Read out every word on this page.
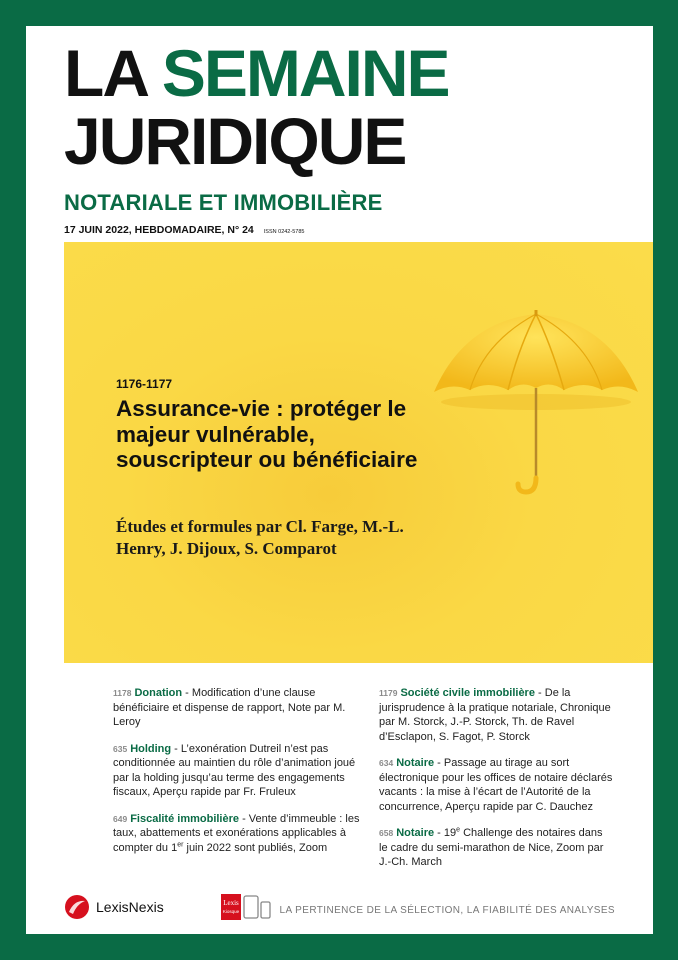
LA SEMAINE
JURIDIQUE
NOTARIALE ET IMMOBILIÈRE
17 JUIN 2022, HEBDOMADAIRE, N° 24 ISSN 0242-5785
1176-1177
Assurance-vie : protéger le majeur vulnérable, souscripteur ou bénéficiaire
Études et formules par Cl. Farge, M.-L. Henry, J. Dijoux, S. Comparot
1178 Donation - Modification d’une clause bénéficiaire et dispense de rapport, Note par M. Leroy
635 Holding - L’exonération Dutreil n’est pas conditionnée au maintien du rôle d’animation joué par la holding jusqu’au terme des engagements fiscaux, Aperçu rapide par Fr. Fruleux
649 Fiscalité immobilière - Vente d’immeuble : les taux, abattements et exonérations applicables à compter du 1er juin 2022 sont publiés, Zoom
1179 Société civile immobilière - De la jurisprudence à la pratique notariale, Chronique par M. Storck, J.-P. Storck, Th. de Ravel d’Esclapon, S. Fagot, P. Storck
634 Notaire - Passage au tirage au sort électronique pour les offices de notaire déclarés vacants : la mise à l’écart de l’Autorité de la concurrence, Aperçu rapide par C. Dauchez
658 Notaire - 19e Challenge des notaires dans le cadre du semi-marathon de Nice, Zoom par J.-Ch. March
LexisNexis	Lexis
Kiosque	LA PERTINENCE DE LA SÉLECTION, LA FIABILITÉ DES ANALYSES
